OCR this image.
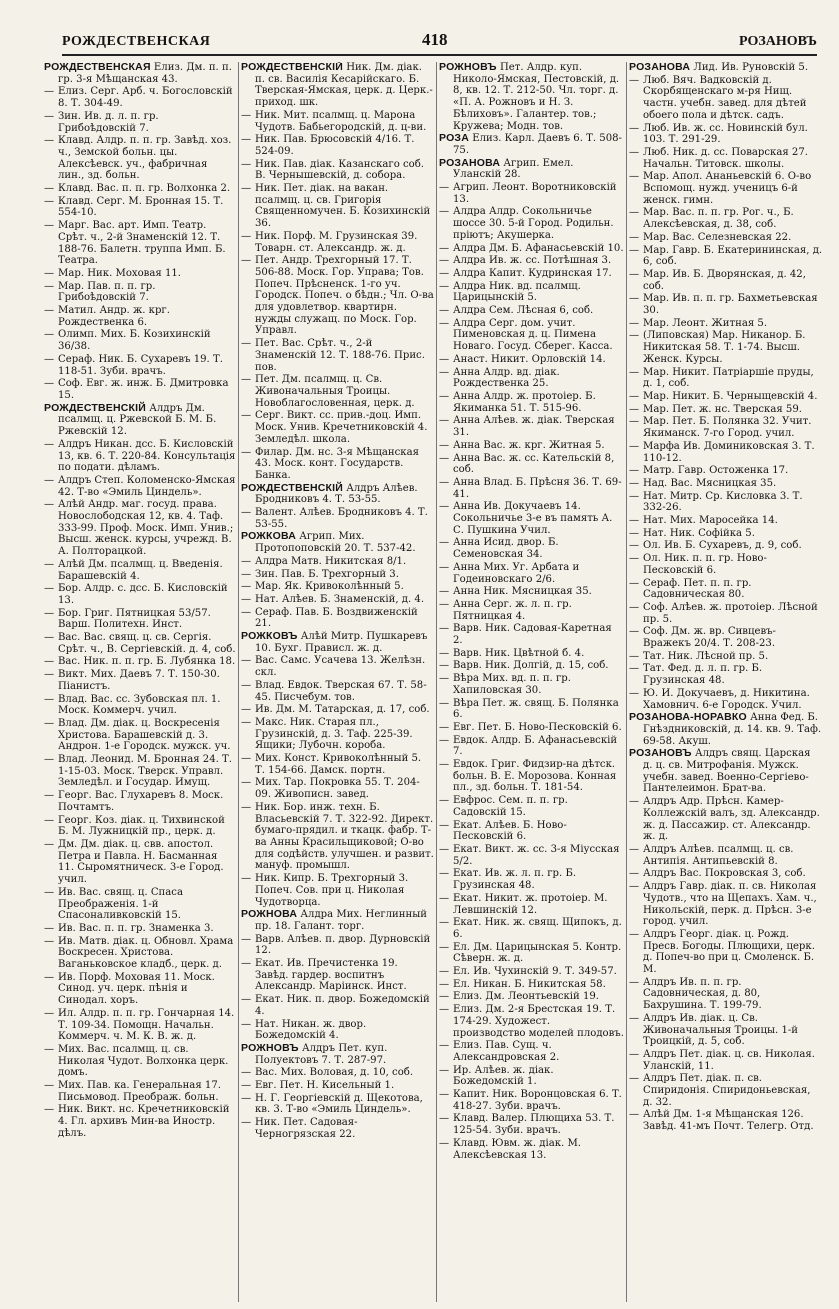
РОЖДЕСТВЕНСКАЯ	418	РОЗАНОВЪ
РОЖДЕСТВЕНСКАЯ Елиз. Дм. п. п. гр. 3-я Мѣщанская 43.
— Елиз. Серг. Арб. ч. Богословскій 8. Т. 304-49.
— Зин. Ив. д. л. п. гр. Грибоѣдовскій 7.
— Клавд. Алдр. п. п. гр. Завѣд. хоз. ч., Земской больн. цы. Алексѣевск. уч., фабричная лин., зд. больн.
— Клавд. Вас. п. п. гр. Волхонка 2.
— Клавд. Серг. М. Бронная 15. Т. 554-10.
— Марг. Вас. арт. Имп. Театр. Срѣт. ч., 2-й Знаменскій 12. Т. 188-76. Балетн. труппа Имп. Б. Театра.
— Мар. Ник. Моховая 11.
— Мар. Пав. п. п. гр. Грибоѣдовскій 7.
— Матил. Андр. ж. крг. Рождественка 6.
— Олимп. Мих. Б. Козихинскій 36/38.
— Сераф. Ник. Б. Сухаревъ 19. Т. 118-51. Зуби. врачъ.
— Соф. Евг. ж. инж. Б. Дмитровка 15.
РОЖДЕСТВЕНСКІЙ Алдръ Дм. псалмщ. ц. Ржевской Б. М. Б. Ржевскій 12.
— Алдръ Никан. дсс. Б. Кисловскій 13, кв. 6. Т. 220-84. Консультація по подати. дѣламъ.
— Алдръ Степ. Коломенско-Ямская 42. Т-во «Эмиль Циндель».
— Алѣй Андр. маг. госуд. права. Новослободская 12, кв. 4. Таф. 333-99. Проф. Моск. Имп. Унив.; Высш. женск. курсы, учрежд. В. А. Полторацкой.
— Алѣй Дм. псалмщ. ц. Введенія. Барашевскій 4.
— Бор. Алдр. с. дсс. Б. Кисловскій 13.
— Бор. Григ. Пятницкая 53/57. Варш. Политехн. Инст.
— Вас. Вас. свящ. ц. св. Сергія. Срѣт. ч., В. Сергіевскій. д. 4, соб.
— Вас. Ник. п. п. гр. Б. Лубянка 18.
— Викт. Мих. Даевъ 7. Т. 150-30. Піанистъ.
— Влад. Вас. сс. Зубовская пл. 1. Моск. Коммерч. учил.
— Влад. Дм. діак. ц. Воскресенія Христова. Барашевскій д. 3. Андрон. 1-е Городск. мужск. уч.
— Влад. Леонид. М. Бронная 24. Т. 1-15-03. Моск. Тверск. Управл. Земледѣл. и Государ. Имущ.
— Георг. Вас. Глухаревъ 8. Моск. Почтамтъ.
— Георг. Коз. діак. ц. Тихвинской Б. М. Лужницкій пр., церк. д.
— Дм. Дм. діак. ц. свв. апостол. Петра и Павла. Н. Басманная 11. Сыромятническ. 3-е Город. учил.
— Ив. Вас. свящ. ц. Спаса Преображенія. 1-й Спасоналивковскій 15.
— Ив. Вас. п. п. гр. Знаменка 3.
— Ив. Матв. діак. ц. Обновл. Храма Воскресен. Христова. Ваганьковское кладб., церк. д.
— Ив. Порф. Моховая 11. Моск. Синод. уч. церк. пѣнія и Синодал. хоръ.
— Ил. Алдр. п. п. гр. Гончарная 14. Т. 109-34. Помощн. Начальн. Коммерч. ч. М. К. В. ж. д.
— Мих. Вас. псалмщ. ц. св. Николая Чудот. Волхонка церк. домъ.
— Мих. Пав. ка. Генеральная 17. Письмовод. Преображ. больн.
— Ник. Викт. нс. Кречетниковскій 4. Гл. архивъ Мин-ва Иностр. дѣлъ.
РОЖДЕСТВЕНСКІЙ Ник. Дм. діак. п. св. Василія Кесарійскаго. Б. Тверская-Ямская, церк. д. Церк.-приход. шк.
— Ник. Мит. псалмщ. ц. Марона Чудотв. Бабьегородскій, д. ц-ви.
— Ник. Пав. Брюсовскій 4/16. Т. 524-09.
— Ник. Пав. діак. Казанскаго соб. В. Чернышевскій, д. собора.
— Ник. Пет. діак. на вакан. псалмщ. ц. св. Григорія Священномучен. Б. Козихинскій 36.
— Ник. Порф. М. Грузинская 39. Товарн. ст. Александр. ж. д.
— Пет. Андр. Трехгорный 17. Т. 506-88. Моск. Гор. Управа; Тов. Попеч. Прѣсненск. 1-го уч. Городск. Попеч. о бѣдн.; Чл. О-ва для удовлетвор. квартирн. нужды служащ. по Моск. Гор. Управл.
— Пет. Вас. Срѣт. ч., 2-й Знаменскій 12. Т. 188-76. Прис. пов.
— Пет. Дм. псалмщ. ц. Св. Живоначальныя Троицы. Новоблагословенная, церк. д.
— Серг. Викт. сс. прив.-доц. Имп. Моск. Унив. Кречетниковскій 4. Земледѣл. школа.
— Филар. Дм. нс. 3-я Мѣщанская 43. Моск. конт. Государств. Банка.
РОЖДЕСТВЕНСКІЙ Алдръ Алѣев. Бродниковъ 4. Т. 53-55.
— Валент. Алѣев. Бродниковъ 4. Т. 53-55.
РОЖКОВА Агрип. Мих. Протопоповскій 20. Т. 537-42.
— Алдра Матв. Никитская 8/1.
— Зин. Пав. Б. Трехгорный 3.
— Мар. Як. Кривоколѣнный 5.
— Нат. Алѣев. Б. Знаменскій, д. 4.
— Сераф. Пав. Б. Воздвиженскій 21.
РОЖКОВЪ Алѣй Митр. Пушкаревъ 10. Бухг. Прависл. ж. д.
— Вас. Самс. Усачева 13. Желѣзн. скл.
— Влад. Евдок. Тверская 67. Т. 58-45. Писчебум. тов.
— Ив. Дм. М. Татарская, д. 17, соб.
— Макс. Ник. Старая пл., Грузинскій, д. 3. Таф. 225-39. Ящики; Лубочн. короба.
— Мих. Конст. Кривоколѣнный 5. Т. 154-66. Дамск. портн.
— Мих. Тар. Покровка 55. Т. 204-09. Живописн. завед.
— Ник. Бор. инж. техн. Б. Власьевскій 7. Т. 322-92. Директ. бумаго-прядил. и ткацк. фабр. Т-ва Анны Красильщиковой; О-во для содѣйств. улучшен. и развит. мануф. промышл.
— Ник. Кипр. Б. Трехгорный 3. Попеч. Сов. при ц. Николая Чудотворца.
РОЖНОВА Алдра Мих. Неглинный пр. 18. Галант. торг.
— Варв. Алѣев. п. двор. Дурновскій 12.
— Екат. Ив. Пречистенка 19. Завѣд. гардер. воспитнъ Александр. Маріинск. Инст.
— Екат. Ник. п. двор. Божедомскій 4.
— Нат. Никан. ж. двор. Божедомскій 4.
РОЖНОВЪ Алдръ Пет. куп. Полуектовъ 7. Т. 287-97.
— Вас. Мих. Воловая, д. 10, соб.
— Евг. Пет. Н. Кисельный 1.
— Н. Г. Георгіевскій д. Щекотова, кв. 3. Т-во «Эмиль Циндель».
— Ник. Пет. Садовая-Черногрязская 22.
РОЖНОВЪ Пет. Алдр. куп. Николо-Ямская, Пестовскій, д. 8, кв. 12. Т. 212-50. Чл. торг. д. «П. А. Рожновъ и Н. З. Бѣлиховъ». Галантер. тов.; Кружева; Модн. тов.
РОЗА Елиз. Карл. Даевъ 6. Т. 508-75.
РОЗАНОВА Агрип. Емел. Уланскій 28.
— Агрип. Леонт. Воротниковскій 13.
— Алдра Алдр. Сокольничье шоссе 30. 5-й Город. Родильн. пріютъ; Акушерка.
— Алдра Дм. Б. Афанасьевскій 10.
— Алдра Ив. ж. сс. Потѣшная 3.
— Алдра Капит. Кудринская 17.
— Алдра Ник. вд. псалмщ. Царицынскій 5.
— Алдра Сем. Лѣсная 6, соб.
— Алдра Серг. дом. учит. Пименовская д. ц. Пимена Новаго. Госуд. Сберег. Касса.
— Анаст. Никит. Орловскій 14.
— Анна Алдр. вд. діак. Рождественка 25.
— Анна Алдр. ж. протоіер. Б. Якиманка 51. Т. 515-96.
— Анна Алѣев. ж. діак. Тверская 31.
— Анна Вас. ж. крг. Житная 5.
— Анна Вас. ж. сс. Кательскій 8, соб.
— Анна Влад. Б. Прѣсня 36. Т. 69-41.
— Анна Ив. Докучаевъ 14. Сокольничье 3-е въ память А. С. Пушкина Учил.
— Анна Исид. двор. Б. Семеновская 34.
— Анна Мих. Уг. Арбата и Годеиновскаго 2/6.
— Анна Ник. Мясницкая 35.
— Анна Серг. ж. л. п. гр. Пятницкая 4.
— Варв. Ник. Садовая-Каретная 2.
— Варв. Ник. Цвѣтной б. 4.
— Варв. Ник. Долгій, д. 15, соб.
— Вѣра Мих. вд. п. п. гр. Хапиловская 30.
— Вѣра Пет. ж. свящ. Б. Полянка 6.
— Евг. Пет. Б. Ново-Песковскій 6.
— Евдок. Алдр. Б. Афанасьевскій 7.
— Евдок. Григ. Фидзир-на дѣтск. больн. В. Е. Морозова. Конная пл., зд. больн. Т. 181-54.
— Евфрос. Сем. п. п. гр. Садовскій 15.
— Екат. Алѣев. Б. Ново-Песковскій 6.
— Екат. Викт. ж. сс. 3-я Міусская 5/2.
— Екат. Ив. ж. л. п. гр. Б. Грузинская 48.
— Екат. Никит. ж. протоіер. М. Левшинскій 12.
— Екат. Ник. ж. свящ. Щипокъ, д. 6.
— Ел. Дм. Царицынская 5. Контр. Сѣверн. ж. д.
— Ел. Ив. Чухинскій 9. Т. 349-57.
— Ел. Никан. Б. Никитская 58.
— Елиз. Дм. Леонтьевскій 19.
— Елиз. Дм. 2-я Брестская 19. Т. 174-29. Художест. производство моделей плодовъ.
— Елиз. Пав. Сущ. ч. Александровская 2.
— Ир. Алѣев. ж. діак. Божедомскій 1.
— Капит. Ник. Воронцовская 6. Т. 418-27. Зуби. врачъ.
— Клавд. Валер. Плющиха 53. Т. 125-54. Зуби. врачъ.
— Клавд. Ювм. ж. діак. М. Алексѣевская 13.
РОЗАНОВА Лид. Ив. Руновскій 5.
— Люб. Вяч. Вадковскій д. Скорбященскаго м-ря Нищ. частн. учебн. завед. для дѣтей обоего пола и дѣтск. садъ.
— Люб. Ив. ж. сс. Новинскій бул. 103. Т. 291-29.
— Люб. Ник. д. сс. Поварская 27. Начальн. Титовск. школы.
— Мар. Апол. Ананьевскій 6. О-во Вспомощ. нужд. ученицъ 6-й женск. гимн.
— Мар. Вас. п. п. гр. Рог. ч., Б. Алексѣевская, д. 38, соб.
— Мар. Вас. Селезневская 22.
— Мар. Гавр. Б. Екатерининская, д. 6, соб.
— Мар. Ив. Б. Дворянская, д. 42, соб.
— Мар. Ив. п. п. гр. Бахметьевская 30.
— Мар. Леонт. Житная 5.
— (Липовская) Мар. Никанор. Б. Никитская 58. Т. 1-74. Высш. Женск. Курсы.
— Мар. Никит. Патріаршіе пруды, д. 1, соб.
— Мар. Никит. Б. Черныщевскій 4.
— Мар. Пет. ж. нс. Тверская 59.
— Мар. Пет. Б. Полянка 32. Учит. Якиманск. 7-го Город. учил.
— Марфа Ив. Доминиковская 3. Т. 110-12.
— Матр. Гавр. Остоженка 17.
— Над. Вас. Мясницкая 35.
— Нат. Митр. Ср. Кисловка 3. Т. 332-26.
— Нат. Мих. Маросейка 14.
— Нат. Ник. Софійка 5.
— Ол. Ив. Б. Сухаревъ, д. 9, соб.
— Ол. Ник. п. п. гр. Ново-Песковскій 6.
— Сераф. Пет. п. п. гр. Садовническая 80.
— Соф. Алѣев. ж. протоіер. Лѣсной пр. 5.
— Соф. Дм. ж. вр. Сивцевъ-Вражекъ 20/4. Т. 208-23.
— Тат. Ник. Лѣсной пр. 5.
— Тат. Фед. д. л. п. гр. Б. Грузинская 48.
— Ю. И. Докучаевъ, д. Никитина. Хамовнич. 6-е Городск. Учил.
РОЗАНОВА-НОРАВКО Анна Фед. Б. Гнѣздниковскій, д. 14. кв. 9. Таф. 69-58. Акуш.
РОЗАНОВЪ Алдръ свящ. Царская д. ц. св. Митрофанія. Мужск. учебн. завед. Военно-Сергіево-Пантелеимон. Брат-ва.
— Алдръ Адр. Прѣсн. Камер-Коллежскій валъ, зд. Александр. ж. д. Пассажир. ст. Александр. ж. д.
— Алдръ Алѣев. псалмщ. ц. св. Антипія. Антипьевскій 8.
— Алдръ Вас. Покровская 3, соб.
— Алдръ Гавр. діак. п. св. Николая Чудотв., что на Щепахъ. Хам. ч., Никольскій, перк. д. Прѣсн. 3-е город. учил.
— Алдръ Георг. діак. ц. Рожд. Пресв. Богоды. Плющихи, церк. д. Попеч-во при ц. Смоленск. Б. М.
— Алдръ Ив. п. п. гр. Садовническая, д. 80, Бахрушина. Т. 199-79.
— Алдръ Ив. діак. ц. Св. Живоначальныя Троицы. 1-й Троицкій, д. 5, соб.
— Алдръ Пет. діак. ц. св. Николая. Уланскій, 11.
— Алдръ Пет. діак. п. св. Спиридонія. Спиридоньевская, д. 32.
— Алѣй Дм. 1-я Мѣщанская 126. Завѣд. 41-мъ Почт. Телегр. Отд.
